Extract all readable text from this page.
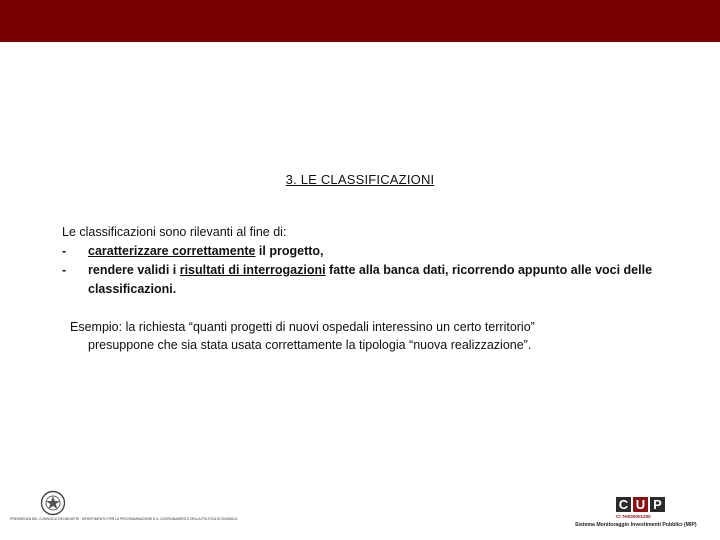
3. LE CLASSIFICAZIONI

Le classificazioni sono rilevanti al fine di:

- caratterizzare correttamente il progetto,

- rendere validi i risultati di interrogazioni fatte alla banca dati, ricorrendo appunto alle voci delle classificazioni.

Esempio: la richiesta “quanti progetti di nuovi ospedali interessino un certo territorio”
presuppone che sia stata usata correttamente la tipologia “nuova realizzazione”.
PRESIDENZA DEL CONSIGLIO DEI MINISTRI · DIPARTIMENTO PER LA PROGRAMMAZIONE E IL COORDINAMENTO DELLA POLITICA ECONOMICA
C U P
CI 7H030001200
Sistema Monitoraggio Investimenti Pubblici (MIP)
